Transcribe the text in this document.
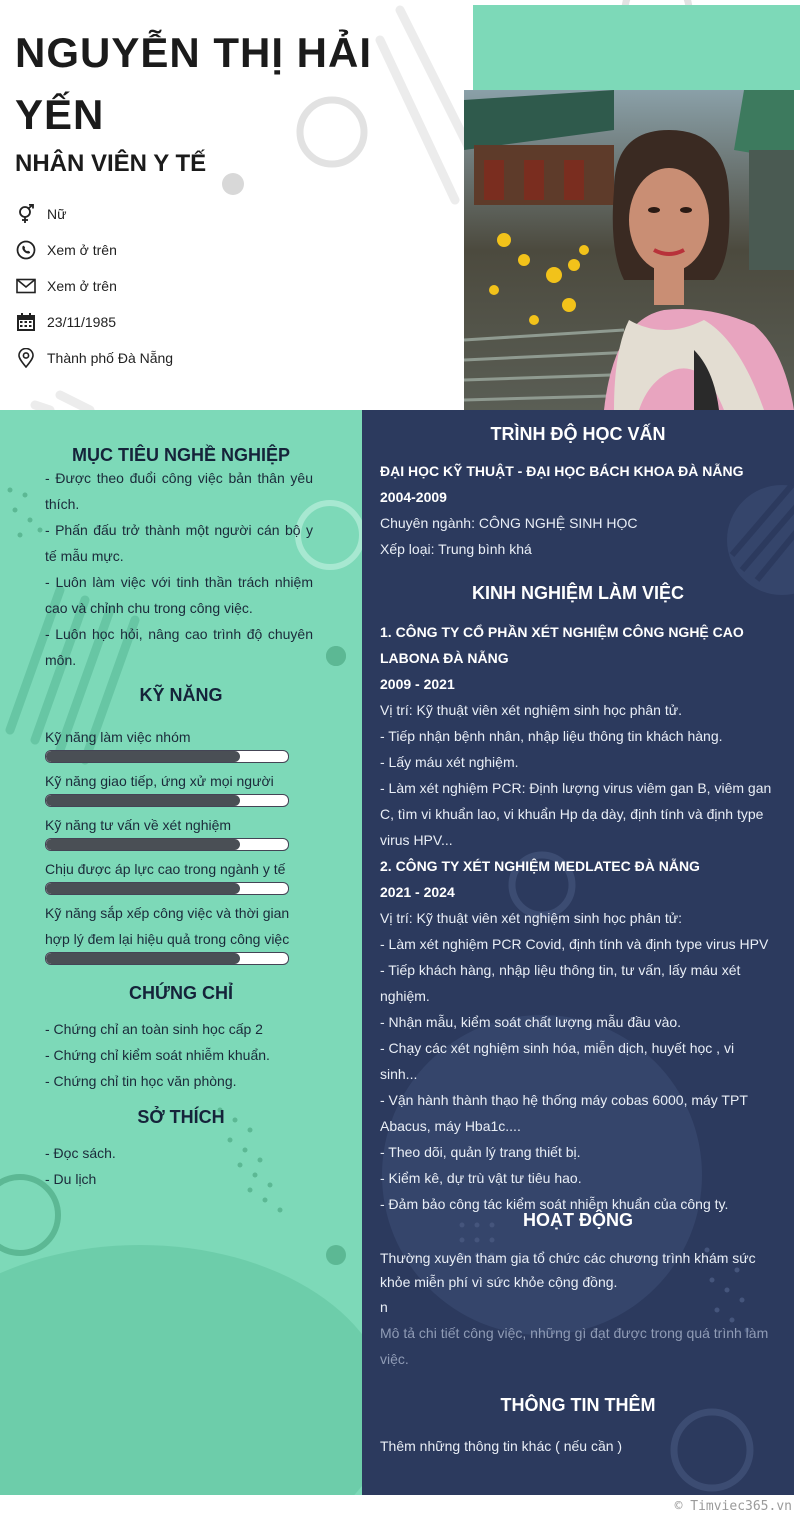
NGUYỄN THỊ HẢI YẾN
NHÂN VIÊN Y TẾ
Nữ
Xem ở trên
Xem ở trên
23/11/1985
Thành phố Đà Nẵng
MỤC TIÊU NGHỀ NGHIỆP

- Được theo đuổi công việc bản thân yêu thích.

- Phấn đấu trở thành một người cán bộ y tế mẫu mực.

- Luôn làm việc với tinh thần trách nhiệm cao và chỉnh chu trong công việc.

- Luôn học hỏi, nâng cao trình độ chuyên môn.

KỸ NĂNG
Kỹ năng làm việc nhóm
Kỹ năng giao tiếp, ứng xử mọi người
Kỹ năng tư vấn về xét nghiệm
Chịu được áp lực cao trong ngành y tế
Kỹ năng sắp xếp công việc và thời gian hợp lý đem lại hiệu quả trong công việc
CHỨNG CHỈ

- Chứng chỉ an toàn sinh học cấp 2

- Chứng chỉ kiểm soát nhiễm khuẩn.

- Chứng chỉ tin học văn phòng.

SỞ THÍCH

- Đọc sách.

- Du lịch

TRÌNH ĐỘ HỌC VẤN

ĐẠI HỌC KỸ THUẬT - ĐẠI HỌC BÁCH KHOA ĐÀ NẴNG

2004-2009

Chuyên ngành: CÔNG NGHỆ SINH HỌC

Xếp loại: Trung bình khá

KINH NGHIỆM LÀM VIỆC

1. CÔNG TY CỔ PHẦN XÉT NGHIỆM CÔNG NGHỆ CAO LABONA ĐÀ NẴNG

2009 - 2021

Vị trí: Kỹ thuật viên xét nghiệm sinh học phân tử.

- Tiếp nhận bệnh nhân, nhập liệu thông tin khách hàng.

- Lấy máu xét nghiệm.

- Làm xét nghiệm PCR: Định lượng virus viêm gan B, viêm gan C, tìm vi khuẩn lao, vi khuẩn Hp dạ dày, định tính và định type virus HPV...

2. CÔNG TY XÉT NGHIỆM MEDLATEC ĐÀ NẴNG

2021 - 2024

Vị trí: Kỹ thuật viên xét nghiệm sinh học phân tử:

- Làm xét nghiệm PCR Covid, định tính và định type virus HPV

- Tiếp khách hàng, nhập liệu thông tin, tư vấn, lấy máu xét nghiệm.

- Nhận mẫu, kiểm soát chất lượng mẫu đầu vào.

- Chạy các xét nghiệm sinh hóa, miễn dịch, huyết học , vi sinh...

- Vận hành thành thạo hệ thống máy cobas 6000, máy TPT Abacus, máy Hba1c....

- Theo dõi, quản lý trang thiết bị.

- Kiểm kê, dự trù vật tư tiêu hao.

- Đảm bảo công tác kiểm soát nhiễm khuẩn của công ty.

HOẠT ĐỘNG

Thường xuyên tham gia tổ chức các chương trình khám sức khỏe miễn phí vì sức khỏe cộng đồng.

n

Mô tả chi tiết công việc, những gì đạt được trong quá trình làm việc.

THÔNG TIN THÊM

Thêm những thông tin khác ( nếu cần )

© Timviec365.vn
